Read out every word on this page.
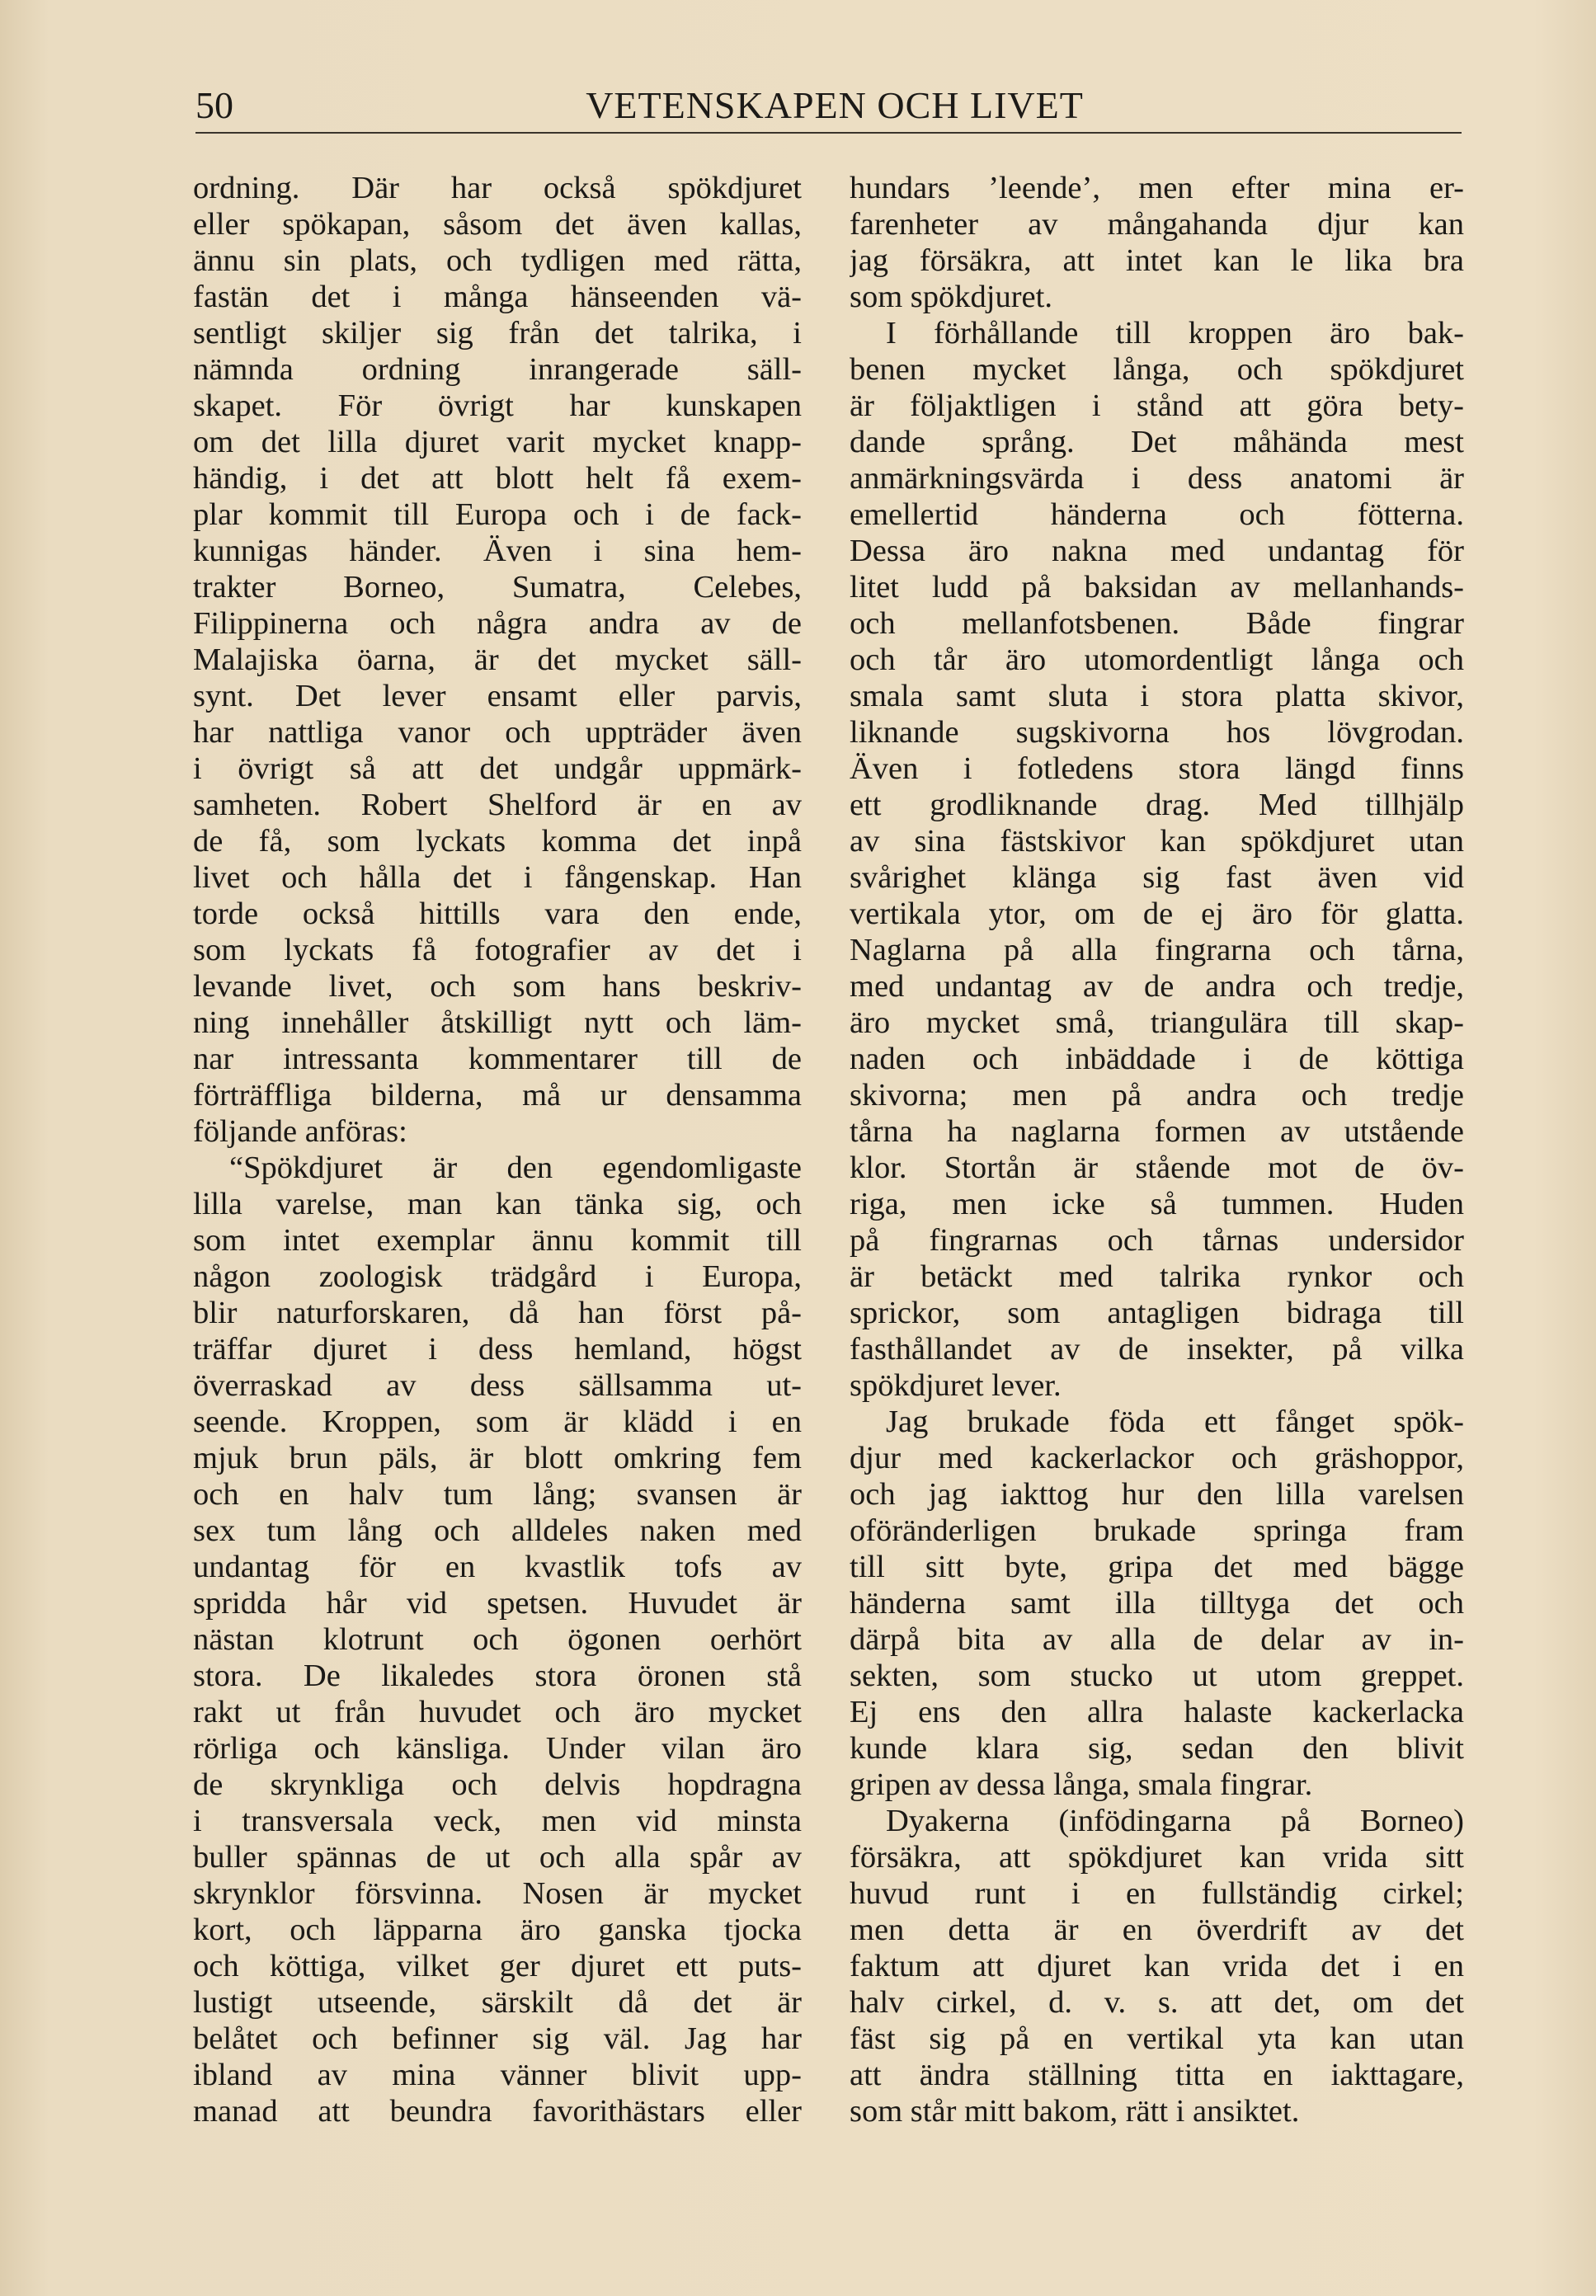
50	VETENSKAPEN OCH LIVET
ordning. Där har också spökdjuret
eller spökapan, såsom det även kallas,
ännu sin plats, och tydligen med rätta,
fastän det i många hänseenden vä-
sentligt skiljer sig från det talrika, i
nämnda ordning inrangerade säll-
skapet. För övrigt har kunskapen
om det lilla djuret varit mycket knapp-
händig, i det att blott helt få exem-
plar kommit till Europa och i de fack-
kunnigas händer. Även i sina hem-
trakter Borneo, Sumatra, Celebes,
Filippinerna och några andra av de
Malajiska öarna, är det mycket säll-
synt. Det lever ensamt eller parvis,
har nattliga vanor och uppträder även
i övrigt så att det undgår uppmärk-
samheten. Robert Shelford är en av
de få, som lyckats komma det inpå
livet och hålla det i fångenskap. Han
torde också hittills vara den ende,
som lyckats få fotografier av det i
levande livet, och som hans beskriv-
ning innehåller åtskilligt nytt och läm-
nar intressanta kommentarer till de
förträffliga bilderna, må ur densamma
följande anföras:
“Spökdjuret är den egendomligaste
lilla varelse, man kan tänka sig, och
som intet exemplar ännu kommit till
någon zoologisk trädgård i Europa,
blir naturforskaren, då han först på-
träffar djuret i dess hemland, högst
överraskad av dess sällsamma ut-
seende. Kroppen, som är klädd i en
mjuk brun päls, är blott omkring fem
och en halv tum lång; svansen är
sex tum lång och alldeles naken med
undantag för en kvastlik tofs av
spridda hår vid spetsen. Huvudet är
nästan klotrunt och ögonen oerhört
stora. De likaledes stora öronen stå
rakt ut från huvudet och äro mycket
rörliga och känsliga. Under vilan äro
de skrynkliga och delvis hopdragna
i transversala veck, men vid minsta
buller spännas de ut och alla spår av
skrynklor försvinna. Nosen är mycket
kort, och läpparna äro ganska tjocka
och köttiga, vilket ger djuret ett puts-
lustigt utseende, särskilt då det är
belåtet och befinner sig väl. Jag har
ibland av mina vänner blivit upp-
manad att beundra favorithästars eller
hundars ’leende’, men efter mina er-
farenheter av mångahanda djur kan
jag försäkra, att intet kan le lika bra
som spökdjuret.
I förhållande till kroppen äro bak-
benen mycket långa, och spökdjuret
är följaktligen i stånd att göra bety-
dande språng. Det måhända mest
anmärkningsvärda i dess anatomi är
emellertid händerna och fötterna.
Dessa äro nakna med undantag för
litet ludd på baksidan av mellanhands-
och mellanfotsbenen. Både fingrar
och tår äro utomordentligt långa och
smala samt sluta i stora platta skivor,
liknande sugskivorna hos lövgrodan.
Även i fotledens stora längd finns
ett grodliknande drag. Med tillhjälp
av sina fästskivor kan spökdjuret utan
svårighet klänga sig fast även vid
vertikala ytor, om de ej äro för glatta.
Naglarna på alla fingrarna och tårna,
med undantag av de andra och tredje,
äro mycket små, triangulära till skap-
naden och inbäddade i de köttiga
skivorna; men på andra och tredje
tårna ha naglarna formen av utstående
klor. Stortån är stående mot de öv-
riga, men icke så tummen. Huden
på fingrarnas och tårnas undersidor
är betäckt med talrika rynkor och
sprickor, som antagligen bidraga till
fasthållandet av de insekter, på vilka
spökdjuret lever.
Jag brukade föda ett fånget spök-
djur med kackerlackor och gräshoppor,
och jag iakttog hur den lilla varelsen
oföränderligen brukade springa fram
till sitt byte, gripa det med bägge
händerna samt illa tilltyga det och
därpå bita av alla de delar av in-
sekten, som stucko ut utom greppet.
Ej ens den allra halaste kackerlacka
kunde klara sig, sedan den blivit
gripen av dessa långa, smala fingrar.
Dyakerna (infödingarna på Borneo)
försäkra, att spökdjuret kan vrida sitt
huvud runt i en fullständig cirkel;
men detta är en överdrift av det
faktum att djuret kan vrida det i en
halv cirkel, d. v. s. att det, om det
fäst sig på en vertikal yta kan utan
att ändra ställning titta en iakttagare,
som står mitt bakom, rätt i ansiktet.
